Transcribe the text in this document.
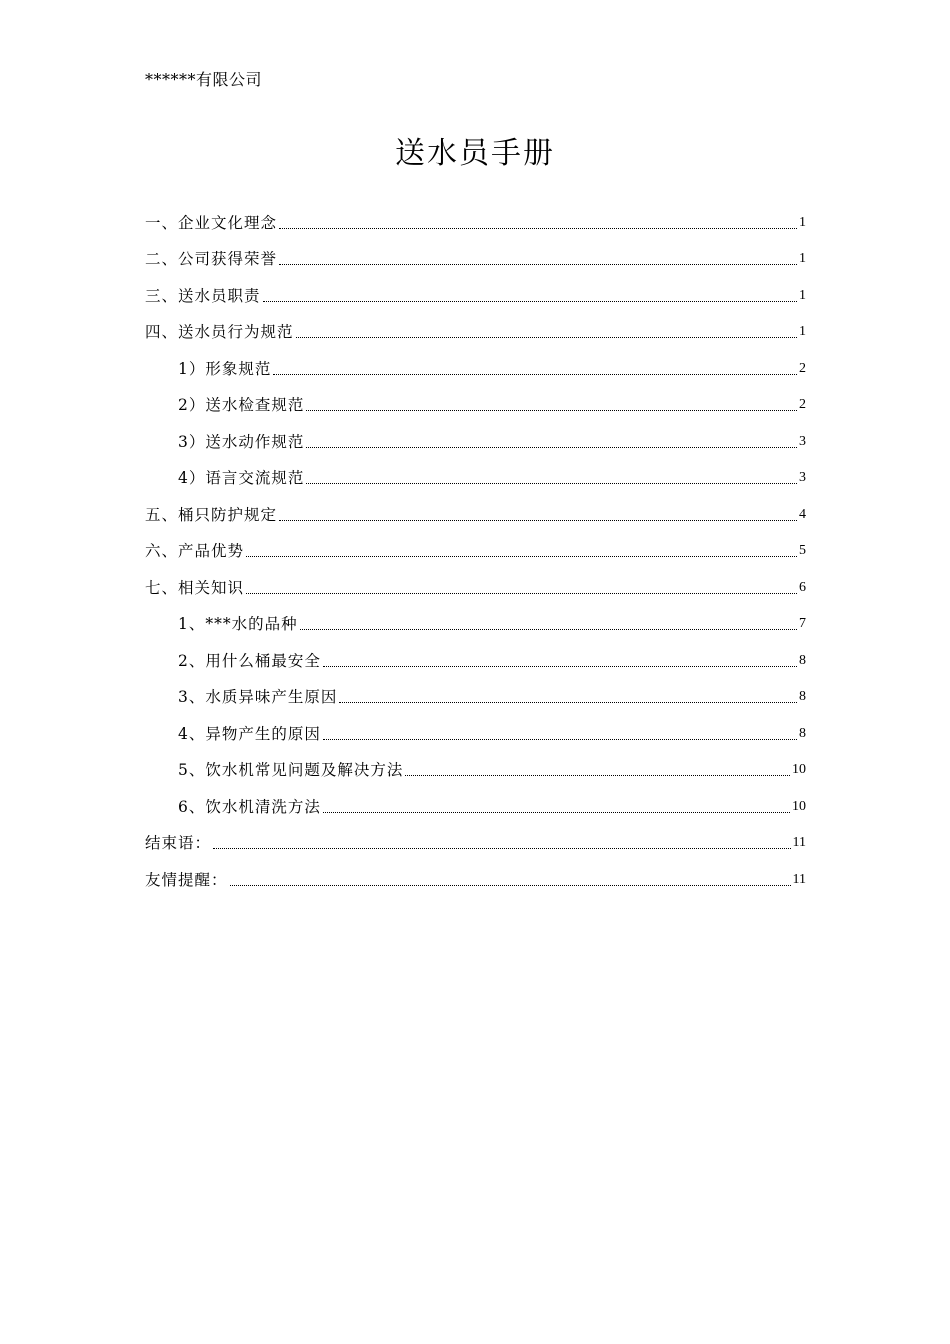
******有限公司
送水员手册
一、企业文化理念	1
二、公司获得荣誉	1
三、送水员职责	1
四、送水员行为规范	1
1）形象规范	2
2）送水检查规范	2
3）送水动作规范	3
4）语言交流规范	3
五、桶只防护规定	4
六、产品优势	5
七、相关知识	6
1、***水的品种	7
2、用什么桶最安全	8
3、水质异味产生原因	8
4、异物产生的原因	8
5、饮水机常见问题及解决方法	10
6、饮水机清洗方法	10
结束语：	11
友情提醒：	11
